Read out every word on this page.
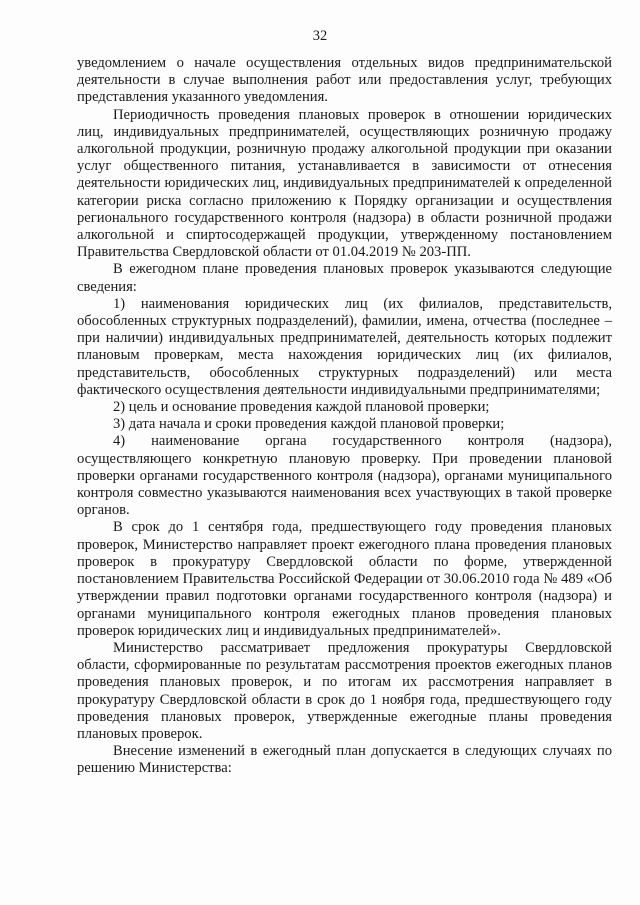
32

уведомлением о начале осуществления отдельных видов предпринимательской деятельности в случае выполнения работ или предоставления услуг, требующих представления указанного уведомления.

Периодичность проведения плановых проверок в отношении юридических лиц, индивидуальных предпринимателей, осуществляющих розничную продажу алкогольной продукции, розничную продажу алкогольной продукции при оказании услуг общественного питания, устанавливается в зависимости от отнесения деятельности юридических лиц, индивидуальных предпринимателей к определенной категории риска согласно приложению к Порядку организации и осуществления регионального государственного контроля (надзора) в области розничной продажи алкогольной и спиртосодержащей продукции, утвержденному постановлением Правительства Свердловской области от 01.04.2019 № 203-ПП.

В ежегодном плане проведения плановых проверок указываются следующие сведения:

1) наименования юридических лиц (их филиалов, представительств, обособленных структурных подразделений), фамилии, имена, отчества (последнее – при наличии) индивидуальных предпринимателей, деятельность которых подлежит плановым проверкам, места нахождения юридических лиц (их филиалов, представительств, обособленных структурных подразделений) или места фактического осуществления деятельности индивидуальными предпринимателями;

2) цель и основание проведения каждой плановой проверки;

3) дата начала и сроки проведения каждой плановой проверки;

4) наименование органа государственного контроля (надзора), осуществляющего конкретную плановую проверку. При проведении плановой проверки органами государственного контроля (надзора), органами муниципального контроля совместно указываются наименования всех участвующих в такой проверке органов.

В срок до 1 сентября года, предшествующего году проведения плановых проверок, Министерство направляет проект ежегодного плана проведения плановых проверок в прокуратуру Свердловской области по форме, утвержденной постановлением Правительства Российской Федерации от 30.06.2010 года № 489 «Об утверждении правил подготовки органами государственного контроля (надзора) и органами муниципального контроля ежегодных планов проведения плановых проверок юридических лиц и индивидуальных предпринимателей».

Министерство рассматривает предложения прокуратуры Свердловской области, сформированные по результатам рассмотрения проектов ежегодных планов проведения плановых проверок, и по итогам их рассмотрения направляет в прокуратуру Свердловской области в срок до 1 ноября года, предшествующего году проведения плановых проверок, утвержденные ежегодные планы проведения плановых проверок.

Внесение изменений в ежегодный план допускается в следующих случаях по решению Министерства:
